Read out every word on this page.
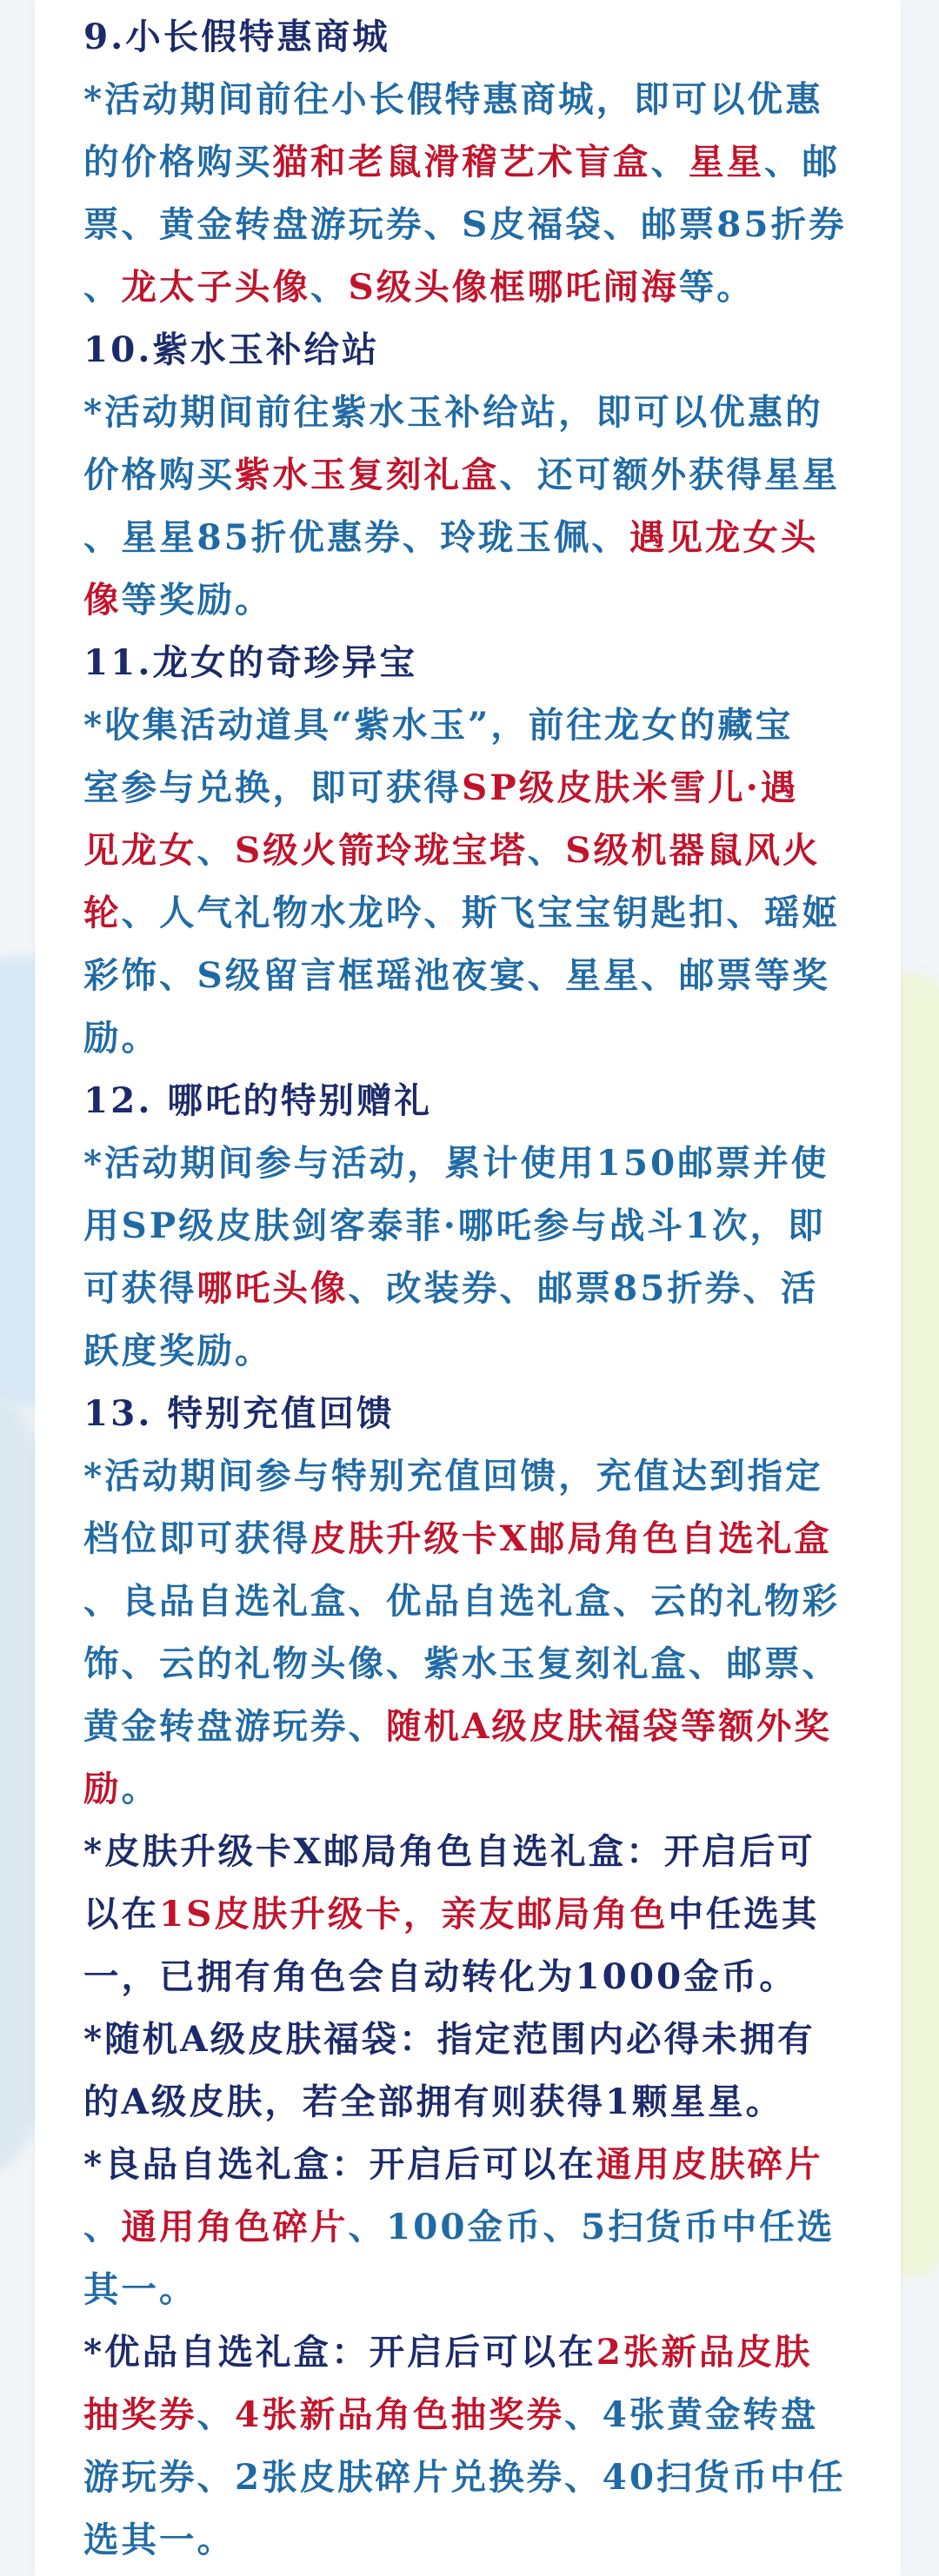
9.小长假特惠商城
*活动期间前往小长假特惠商城，即可以优惠
的价格购买猫和老鼠滑稽艺术盲盒、星星、邮
票、黄金转盘游玩券、S皮福袋、邮票85折券
、龙太子头像、S级头像框哪吒闹海等。
10.紫水玉补给站
*活动期间前往紫水玉补给站，即可以优惠的
价格购买紫水玉复刻礼盒、还可额外获得星星
、星星85折优惠券、玲珑玉佩、遇见龙女头
像等奖励。
11.龙女的奇珍异宝
*收集活动道具“紫水玉”，前往龙女的藏宝
室参与兑换，即可获得SP级皮肤米雪儿·遇
见龙女、S级火箭玲珑宝塔、S级机器鼠风火
轮、人气礼物水龙吟、斯飞宝宝钥匙扣、瑶姬
彩饰、S级留言框瑶池夜宴、星星、邮票等奖
励。
12. 哪吒的特别赠礼
*活动期间参与活动，累计使用150邮票并使
用SP级皮肤剑客泰菲·哪吒参与战斗1次，即
可获得哪吒头像、改装券、邮票85折券、活
跃度奖励。
13. 特别充值回馈
*活动期间参与特别充值回馈，充值达到指定
档位即可获得皮肤升级卡X邮局角色自选礼盒
、良品自选礼盒、优品自选礼盒、云的礼物彩
饰、云的礼物头像、紫水玉复刻礼盒、邮票、
黄金转盘游玩券、随机A级皮肤福袋等额外奖
励。
*皮肤升级卡X邮局角色自选礼盒：开启后可
以在1S皮肤升级卡，亲友邮局角色中任选其
一，已拥有角色会自动转化为1000金币。
*随机A级皮肤福袋：指定范围内必得未拥有
的A级皮肤，若全部拥有则获得1颗星星。
*良品自选礼盒：开启后可以在通用皮肤碎片
、通用角色碎片、100金币、5扫货币中任选
其一。
*优品自选礼盒：开启后可以在2张新品皮肤
抽奖券、4张新品角色抽奖券、4张黄金转盘
游玩券、2张皮肤碎片兑换券、40扫货币中任
选其一。
